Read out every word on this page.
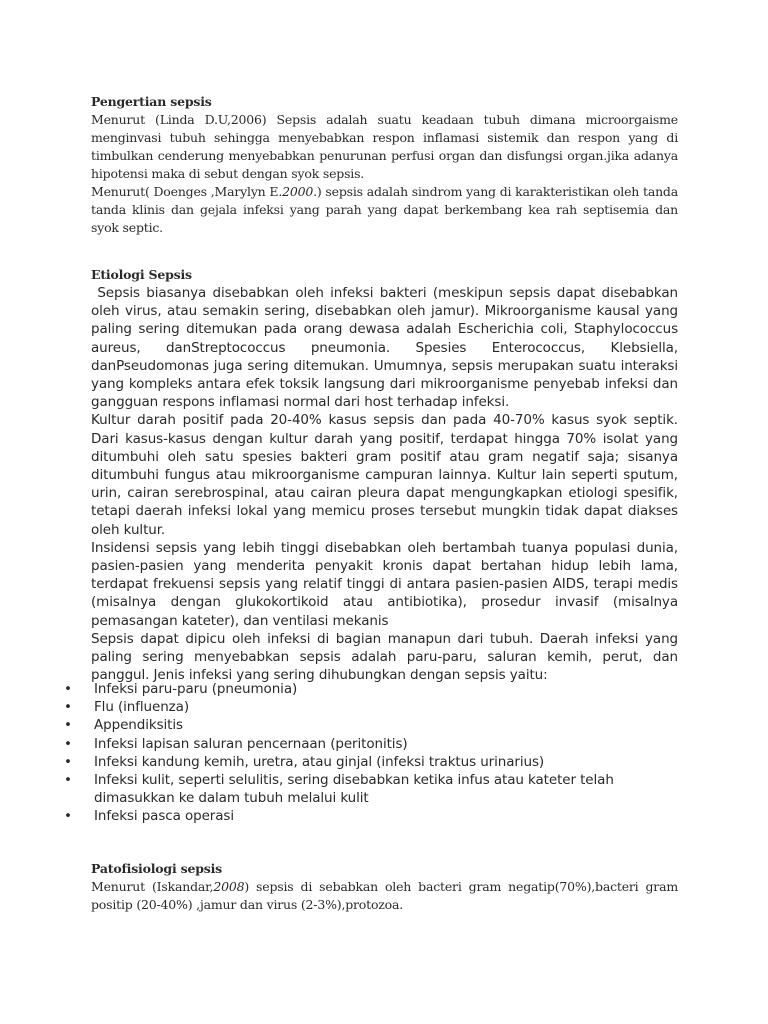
Pengertian sepsis

Menurut (Linda D.U,2006) Sepsis adalah suatu keadaan tubuh dimana microorgaisme menginvasi tubuh sehingga menyebabkan respon inflamasi sistemik dan respon yang di timbulkan cenderung menyebabkan penurunan perfusi organ dan disfungsi organ.jika adanya hipotensi maka di sebut dengan syok sepsis.

Menurut( Doenges ,Marylyn E.2000.) sepsis adalah sindrom yang di karakteristikan oleh tanda tanda klinis dan gejala infeksi yang parah yang dapat berkembang kea rah septisemia dan syok septic.

Etiologi Sepsis

Sepsis biasanya disebabkan oleh infeksi bakteri (meskipun sepsis dapat disebabkan oleh virus, atau semakin sering, disebabkan oleh jamur). Mikroorganisme kausal yang paling sering ditemukan pada orang dewasa adalah Escherichia coli, Staphylococcus aureus, danStreptococcus pneumonia. Spesies Enterococcus, Klebsiella, danPseudomonas juga sering ditemukan. Umumnya, sepsis merupakan suatu interaksi yang kompleks antara efek toksik langsung dari mikroorganisme penyebab infeksi dan gangguan respons inflamasi normal dari host terhadap infeksi.

Kultur darah positif pada 20-40% kasus sepsis dan pada 40-70% kasus syok septik. Dari kasus-kasus dengan kultur darah yang positif, terdapat hingga 70% isolat yang ditumbuhi oleh satu spesies bakteri gram positif atau gram negatif saja; sisanya ditumbuhi fungus atau mikroorganisme campuran lainnya. Kultur lain seperti sputum, urin, cairan serebrospinal, atau cairan pleura dapat mengungkapkan etiologi spesifik, tetapi daerah infeksi lokal yang memicu proses tersebut mungkin tidak dapat diakses oleh kultur.

Insidensi sepsis yang lebih tinggi disebabkan oleh bertambah tuanya populasi dunia, pasien-pasien yang menderita penyakit kronis dapat bertahan hidup lebih lama, terdapat frekuensi sepsis yang relatif tinggi di antara pasien-pasien AIDS, terapi medis (misalnya dengan glukokortikoid atau antibiotika), prosedur invasif (misalnya pemasangan kateter), dan ventilasi mekanis

Sepsis dapat dipicu oleh infeksi di bagian manapun dari tubuh. Daerah infeksi yang paling sering menyebabkan sepsis adalah paru-paru, saluran kemih, perut, dan panggul. Jenis infeksi yang sering dihubungkan dengan sepsis yaitu:

• Infeksi paru-paru (pneumonia)
• Flu (influenza)
• Appendiksitis
• Infeksi lapisan saluran pencernaan (peritonitis)
• Infeksi kandung kemih, uretra, atau ginjal (infeksi traktus urinarius)
• Infeksi kulit, seperti selulitis, sering disebabkan ketika infus atau kateter telah dimasukkan ke dalam tubuh melalui kulit
• Infeksi pasca operasi
Patofisiologi sepsis

Menurut (Iskandar,2008) sepsis di sebabkan oleh bacteri gram negatip(70%),bacteri gram positip (20-40%) ,jamur dan virus (2-3%),protozoa.
